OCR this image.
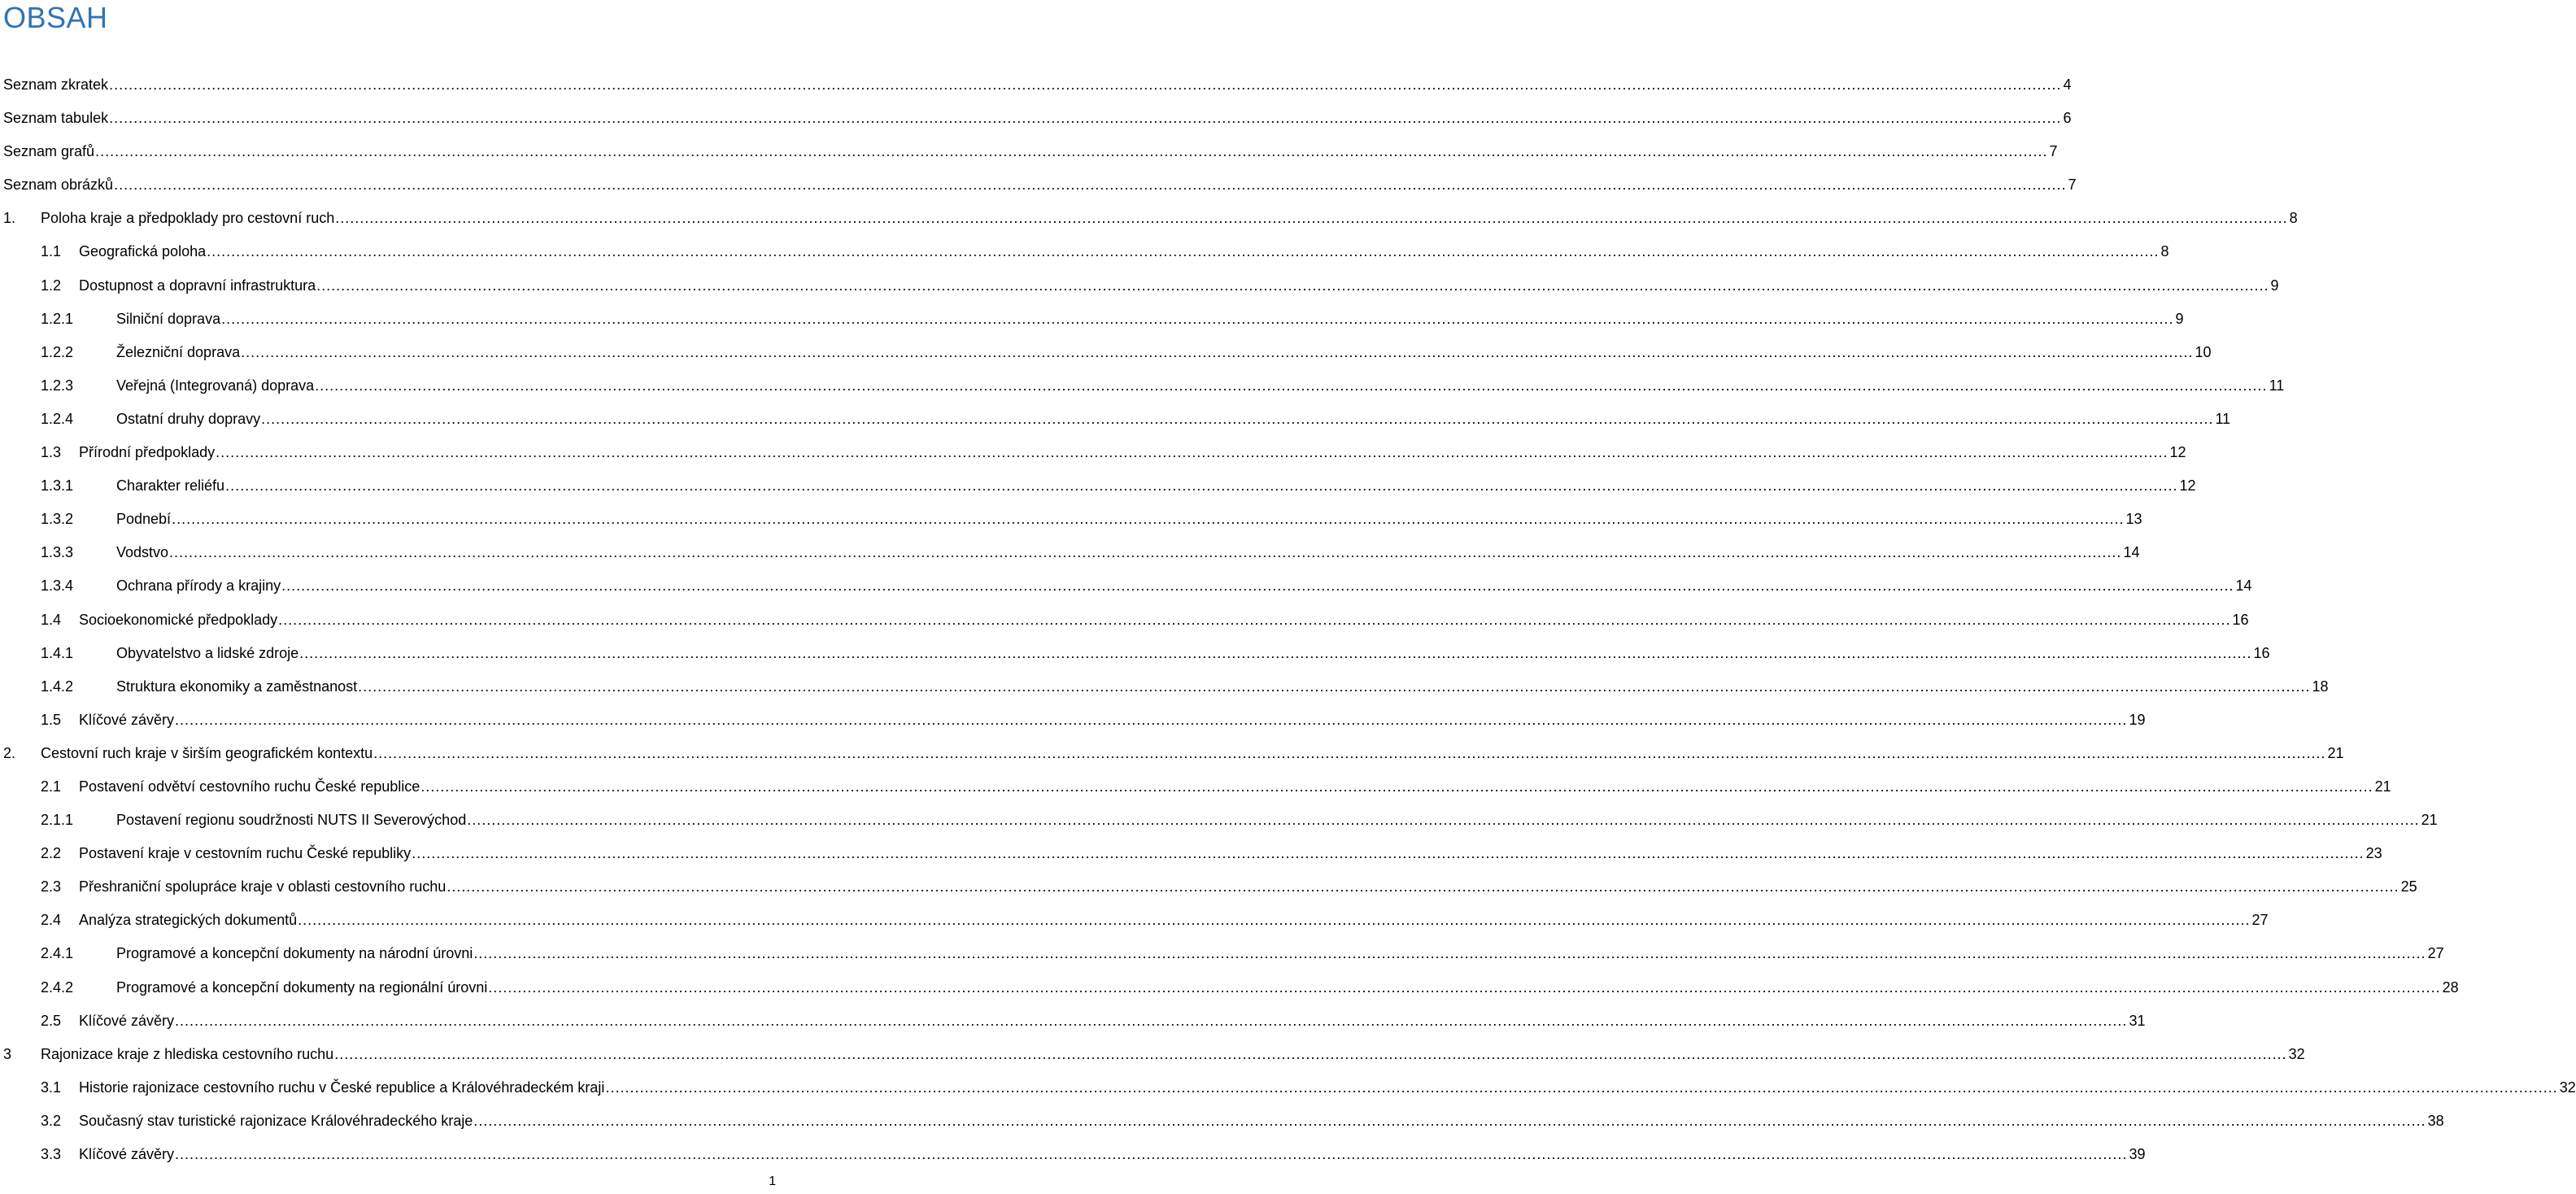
OBSAH
Seznam zkratek ................................................................................................................................................................................................................................................................................................................................................................................................................ 4
Seznam tabulek ................................................................................................................................................................................................................................................................................................................................................................................................................ 6
Seznam grafů ................................................................................................................................................................................................................................................................................................................................................................................................................ 7
Seznam obrázků ................................................................................................................................................................................................................................................................................................................................................................................................................ 7
1. Poloha kraje a předpoklady pro cestovní ruch ................................................................................................................................................................................................................................................................................................................................................................................................................ 8
1.1 Geografická poloha ................................................................................................................................................................................................................................................................................................................................................................................................................ 8
1.2 Dostupnost a dopravní infrastruktura ................................................................................................................................................................................................................................................................................................................................................................................................................ 9
1.2.1	Silniční doprava ................................................................................................................................................................................................................................................................................................................................................................................................................ 9
1.2.2	Železniční doprava ................................................................................................................................................................................................................................................................................................................................................................................................................ 10
1.2.3	Veřejná (Integrovaná) doprava ................................................................................................................................................................................................................................................................................................................................................................................................................ 11
1.2.4	Ostatní druhy dopravy ................................................................................................................................................................................................................................................................................................................................................................................................................ 11
1.3 Přírodní předpoklady ................................................................................................................................................................................................................................................................................................................................................................................................................ 12
1.3.1	Charakter reliéfu ................................................................................................................................................................................................................................................................................................................................................................................................................ 12
1.3.2	Podnebí ................................................................................................................................................................................................................................................................................................................................................................................................................ 13
1.3.3	Vodstvo ................................................................................................................................................................................................................................................................................................................................................................................................................ 14
1.3.4	Ochrana přírody a krajiny ................................................................................................................................................................................................................................................................................................................................................................................................................ 14
1.4 Socioekonomické předpoklady ................................................................................................................................................................................................................................................................................................................................................................................................................ 16
1.4.1	Obyvatelstvo a lidské zdroje ................................................................................................................................................................................................................................................................................................................................................................................................................ 16
1.4.2	Struktura ekonomiky a zaměstnanost ................................................................................................................................................................................................................................................................................................................................................................................................................ 18
1.5 Klíčové závěry ................................................................................................................................................................................................................................................................................................................................................................................................................ 19
2. Cestovní ruch kraje v širším geografickém kontextu ................................................................................................................................................................................................................................................................................................................................................................................................................ 21
2.1 Postavení odvětví cestovního ruchu České republice ................................................................................................................................................................................................................................................................................................................................................................................................................ 21
2.1.1	Postavení regionu soudržnosti NUTS II Severovýchod ................................................................................................................................................................................................................................................................................................................................................................................................................ 21
2.2 Postavení kraje v cestovním ruchu České republiky ................................................................................................................................................................................................................................................................................................................................................................................................................ 23
2.3 Přeshraniční spolupráce kraje v oblasti cestovního ruchu ................................................................................................................................................................................................................................................................................................................................................................................................................ 25
2.4 Analýza strategických dokumentů ................................................................................................................................................................................................................................................................................................................................................................................................................ 27
2.4.1	Programové a koncepční dokumenty na národní úrovni ................................................................................................................................................................................................................................................................................................................................................................................................................ 27
2.4.2	Programové a koncepční dokumenty na regionální úrovni ................................................................................................................................................................................................................................................................................................................................................................................................................ 28
2.5 Klíčové závěry ................................................................................................................................................................................................................................................................................................................................................................................................................ 31
3 Rajonizace kraje z hlediska cestovního ruchu ................................................................................................................................................................................................................................................................................................................................................................................................................ 32
3.1 Historie rajonizace cestovního ruchu v České republice a Královéhradeckém kraji ................................................................................................................................................................................................................................................................................................................................................................................................................ 32
3.2 Současný stav turistické rajonizace Královéhradeckého kraje ................................................................................................................................................................................................................................................................................................................................................................................................................ 38
3.3 Klíčové závěry ................................................................................................................................................................................................................................................................................................................................................................................................................ 39
1
